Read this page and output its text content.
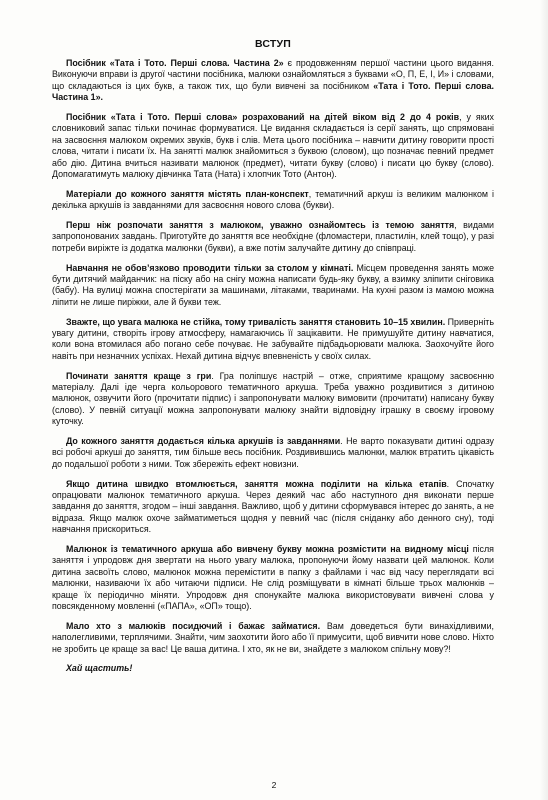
ВСТУП

Посібник «Тата і Тото. Перші слова. Частина 2» є продовженням першої частини цього видання. Виконуючи вправи із другої частини посібника, малюки ознайомляться з буквами «О, П, Е, І, И» і словами, що складаються із цих букв, а також тих, що були вивчені за посібником «Тата і Тото. Перші слова. Частина 1».

Посібник «Тата і Тото. Перші слова» розрахований на дітей віком від 2 до 4 років, у яких словниковий запас тільки починає формуватися. Це видання складається із серії занять, що спрямовані на засвоєння малюком окремих звуків, букв і слів. Мета цього посібника – навчити дитину говорити прості слова, читати і писати їх. На занятті малюк знайомиться з буквою (словом), що позначає певний предмет або дію. Дитина вчиться називати малюнок (предмет), читати букву (слово) і писати цю букву (слово). Допомагатимуть малюку дівчинка Тата (Ната) і хлопчик Тото (Антон).

Матеріали до кожного заняття містять план-конспект, тематичний аркуш із великим малюнком і декілька аркушів із завданнями для засвоєння нового слова (букви).

Перш ніж розпочати заняття з малюком, уважно ознайомтесь із темою заняття, видами запропонованих завдань. Приготуйте до заняття все необхідне (фломастери, пластилін, клей тощо), у разі потреби виріжте із додатка малюнки (букви), а вже потім залучайте дитину до співпраці.

Навчання не обов’язково проводити тільки за столом у кімнаті. Місцем проведення занять може бути дитячий майданчик: на піску або на снігу можна написати будь-яку букву, а взимку зліпити сніговика (бабу). На вулиці можна спостерігати за машинами, літаками, тваринами. На кухні разом із мамою можна ліпити не лише пиріжки, але й букви теж.

Зважте, що увага малюка не стійка, тому тривалість заняття становить 10–15 хвилин. Приверніть увагу дитини, створіть ігрову атмосферу, намагаючись її зацікавити. Не примушуйте дитину навчатися, коли вона втомилася або погано себе почуває. Не забувайте підбадьорювати малюка. Заохочуйте його навіть при незначних успіхах. Нехай дитина відчує впевненість у своїх силах.

Починати заняття краще з гри. Гра поліпшує настрій – отже, сприятиме кращому засвоєнню матеріалу. Далі іде черга кольорового тематичного аркуша. Треба уважно роздивитися з дитиною малюнок, озвучити його (прочитати підпис) і запропонувати малюку вимовити (прочитати) написану букву (слово). У певній ситуації можна запропонувати малюку знайти відповідну іграшку в своєму ігровому куточку.

До кожного заняття додається кілька аркушів із завданнями. Не варто показувати дитині одразу всі робочі аркуші до заняття, тим більше весь посібник. Роздивившись малюнки, малюк втратить цікавість до подальшої роботи з ними. Тож збережіть ефект новизни.

Якщо дитина швидко втомлюється, заняття можна поділити на кілька етапів. Спочатку опрацювати малюнок тематичного аркуша. Через деякий час або наступного дня виконати перше завдання до заняття, згодом – інші завдання. Важливо, щоб у дитини сформувався інтерес до занять, а не відраза. Якщо малюк охоче займатиметься щодня у певний час (після сніданку або денного сну), тоді навчання прискориться.

Малюнок із тематичного аркуша або вивчену букву можна розмістити на видному місці після заняття і упродовж дня звертати на нього увагу малюка, пропонуючи йому назвати цей малюнок. Коли дитина засвоїть слово, малюнок можна перемістити в папку з файлами і час від часу переглядати всі малюнки, називаючи їх або читаючи підписи. Не слід розміщувати в кімнаті більше трьох малюнків – краще їх періодично міняти. Упродовж дня спонукайте малюка використовувати вивчені слова у повсякденному мовленні («ПАПА», «ОП» тощо).

Мало хто з малюків посидючий і бажає займатися. Вам доведеться бути винахідливими, наполегливими, терплячими. Знайти, чим заохотити його або її примусити, щоб вивчити нове слово. Ніхто не зробить це краще за вас! Це ваша дитина. І хто, як не ви, знайдете з малюком спільну мову?!

Хай щастить!

2
